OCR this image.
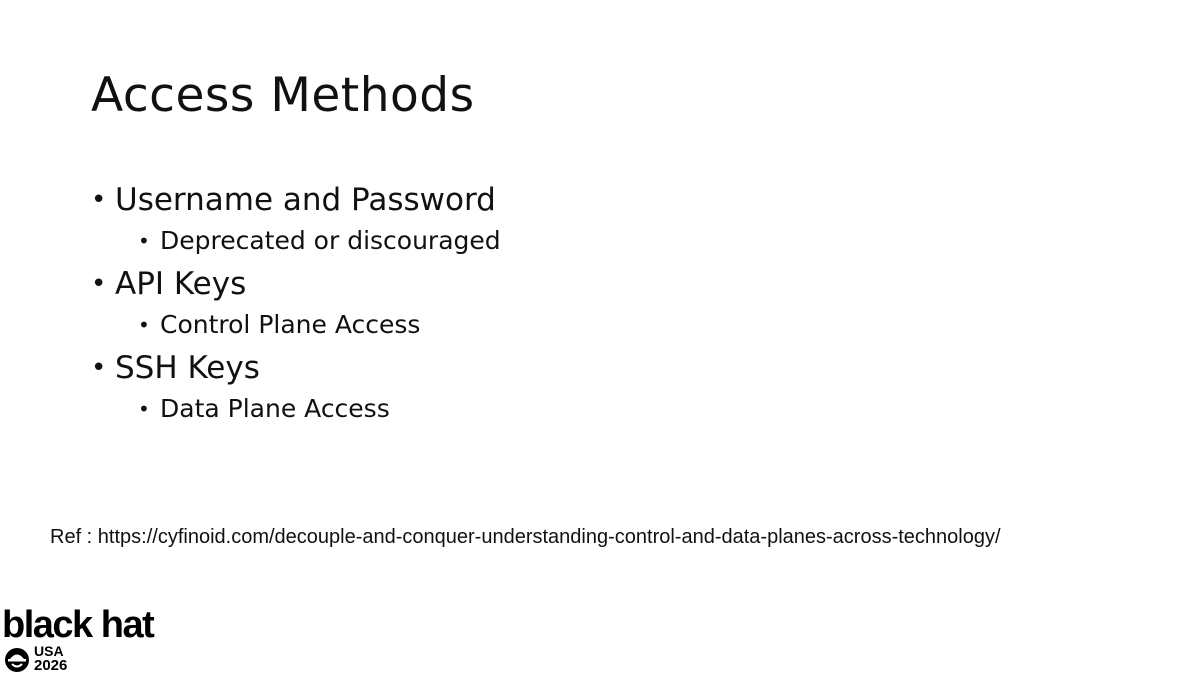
Access Methods
• Username and Password
• Deprecated or discouraged
• API Keys
• Control Plane Access
• SSH Keys
• Data Plane Access
Ref : https://cyfinoid.com/decouple-and-conquer-understanding-control-and-data-planes-across-technology/
black hat
USA
2026
